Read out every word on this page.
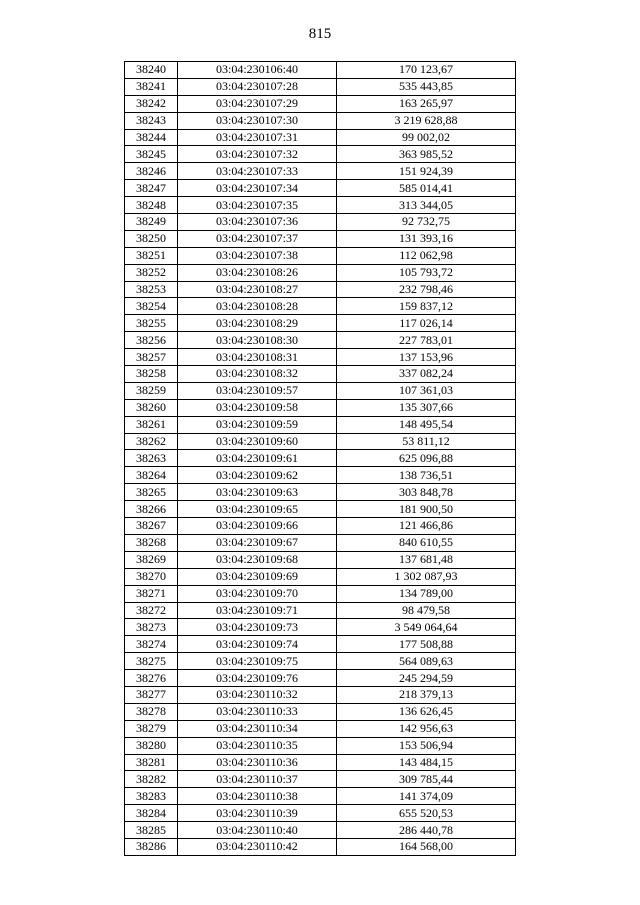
815
38240	03:04:230106:40	170 123,67
38241	03:04:230107:28	535 443,85
38242	03:04:230107:29	163 265,97
38243	03:04:230107:30	3 219 628,88
38244	03:04:230107:31	99 002,02
38245	03:04:230107:32	363 985,52
38246	03:04:230107:33	151 924,39
38247	03:04:230107:34	585 014,41
38248	03:04:230107:35	313 344,05
38249	03:04:230107:36	92 732,75
38250	03:04:230107:37	131 393,16
38251	03:04:230107:38	112 062,98
38252	03:04:230108:26	105 793,72
38253	03:04:230108:27	232 798,46
38254	03:04:230108:28	159 837,12
38255	03:04:230108:29	117 026,14
38256	03:04:230108:30	227 783,01
38257	03:04:230108:31	137 153,96
38258	03:04:230108:32	337 082,24
38259	03:04:230109:57	107 361,03
38260	03:04:230109:58	135 307,66
38261	03:04:230109:59	148 495,54
38262	03:04:230109:60	53 811,12
38263	03:04:230109:61	625 096,88
38264	03:04:230109:62	138 736,51
38265	03:04:230109:63	303 848,78
38266	03:04:230109:65	181 900,50
38267	03:04:230109:66	121 466,86
38268	03:04:230109:67	840 610,55
38269	03:04:230109:68	137 681,48
38270	03:04:230109:69	1 302 087,93
38271	03:04:230109:70	134 789,00
38272	03:04:230109:71	98 479,58
38273	03:04:230109:73	3 549 064,64
38274	03:04:230109:74	177 508,88
38275	03:04:230109:75	564 089,63
38276	03:04:230109:76	245 294,59
38277	03:04:230110:32	218 379,13
38278	03:04:230110:33	136 626,45
38279	03:04:230110:34	142 956,63
38280	03:04:230110:35	153 506,94
38281	03:04:230110:36	143 484,15
38282	03:04:230110:37	309 785,44
38283	03:04:230110:38	141 374,09
38284	03:04:230110:39	655 520,53
38285	03:04:230110:40	286 440,78
38286	03:04:230110:42	164 568,00
